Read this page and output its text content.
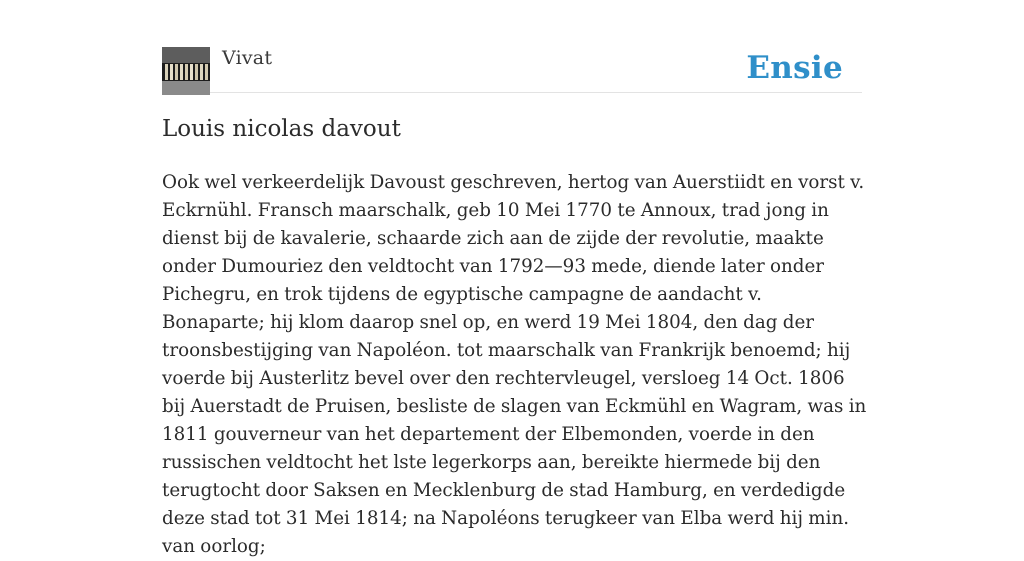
Vivat	Ensie
Louis nicolas davout

Ook wel verkeerdelijk Davoust geschreven, hertog van Auerstiidt en vorst v. Eckrnühl. Fransch maarschalk, geb 10 Mei 1770 te Annoux, trad jong in dienst bij de kavalerie, schaarde zich aan de zijde der revolutie, maakte onder Dumouriez den veldtocht van 1792—93 mede, diende later onder Pichegru, en trok tijdens de egyptische campagne de aandacht v. Bonaparte; hij klom daarop snel op, en werd 19 Mei 1804, den dag der troonsbestijging van Napoléon. tot maarschalk van Frankrijk benoemd; hij voerde bij Austerlitz bevel over den rechtervleugel, versloeg 14 Oct. 1806 bij Auerstadt de Pruisen, besliste de slagen van Eckmühl en Wagram, was in 1811 gouverneur van het departement der Elbemonden, voerde in den russischen veldtocht het lste legerkorps aan, bereikte hiermede bij den terugtocht door Saksen en Mecklenburg de stad Hamburg, en verdedigde deze stad tot 31 Mei 1814; na Napoléons terugkeer van Elba werd hij min. van oorlog;
